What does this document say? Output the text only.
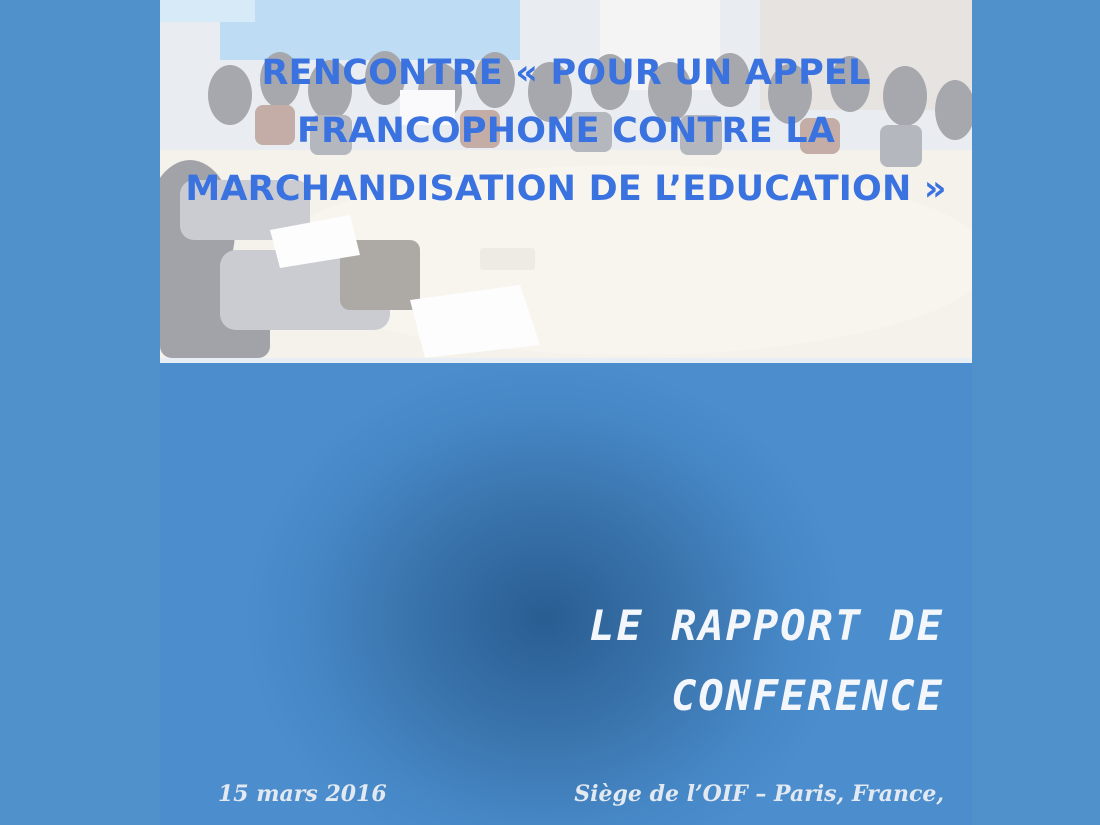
RENCONTRE « POUR UN APPEL
FRANCOPHONE CONTRE LA
MARCHANDISATION DE L’EDUCATION »
LE RAPPORT DE
CONFERENCE
15 mars 2016	Siège de l’OIF – Paris, France,
